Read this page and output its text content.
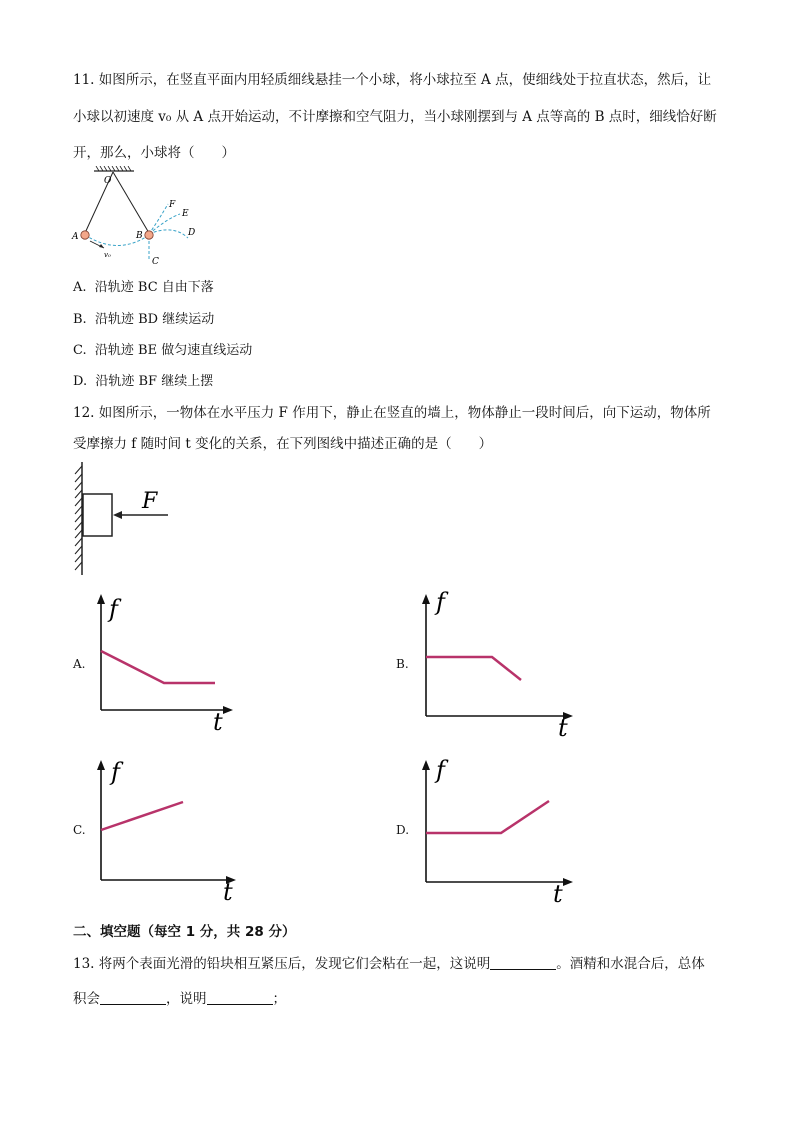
11. 如图所示，在竖直平面内用轻质细线悬挂一个小球，将小球拉至 A 点，使细线处于拉直状态，然后，让
小球以初速度 v₀ 从 A 点开始运动，不计摩擦和空气阻力，当小球刚摆到与 A 点等高的 B 点时，细线恰好断
开，那么，小球将（　　）
O
A	B
C
D
E
F
v₀
A. 沿轨迹 BC 自由下落
B. 沿轨迹 BD 继续运动
C. 沿轨迹 BE 做匀速直线运动
D. 沿轨迹 BF 继续上摆
12. 如图所示，一物体在水平压力 F 作用下，静止在竖直的墙上，物体静止一段时间后，向下运动，物体所
受摩擦力 f 随时间 t 变化的关系，在下列图线中描述正确的是（　　）
F
A.
f
t
B.
f
t
C.
f
t
D.
f
t
二、填空题（每空 1 分，共 28 分）
13. 将两个表面光滑的铅块相互紧压后，发现它们会粘在一起，这说明	。酒精和水混合后，总体
积会	，说明	；
